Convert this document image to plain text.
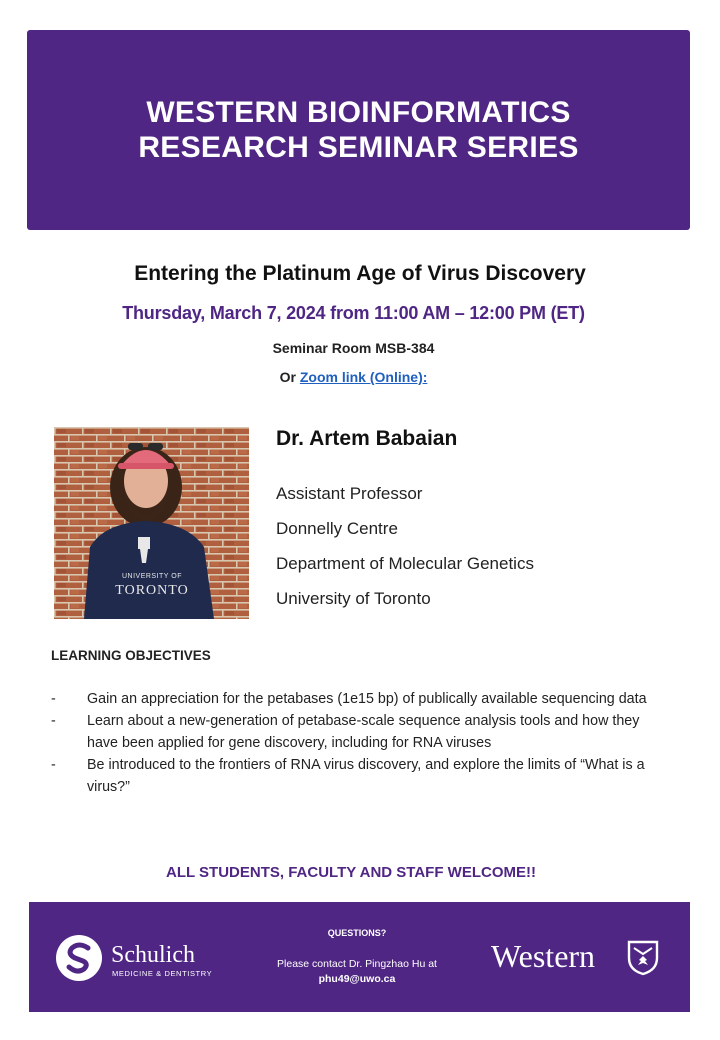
WESTERN BIOINFORMATICS
RESEARCH SEMINAR SERIES
Entering the Platinum Age of Virus Discovery
Thursday, March 7, 2024 from 11:00 AM – 12:00 PM (ET)
Seminar Room MSB-384
Or Zoom link (Online):
UNIVERSITY OF
TORONTO
Dr. Artem Babaian
Assistant Professor
Donnelly Centre
Department of Molecular Genetics
University of Toronto
LEARNING OBJECTIVES
- Gain an appreciation for the petabases (1e15 bp) of publically available sequencing data
- Learn about a new-generation of petabase-scale sequence analysis tools and how they have been applied for gene discovery, including for RNA viruses
- Be introduced to the frontiers of RNA virus discovery, and explore the limits of “What is a virus?”
ALL STUDENTS, FACULTY AND STAFF WELCOME!!
Schulich
MEDICINE & DENTISTRY
QUESTIONS?
Please contact Dr. Pingzhao Hu at
phu49@uwo.ca
Western
